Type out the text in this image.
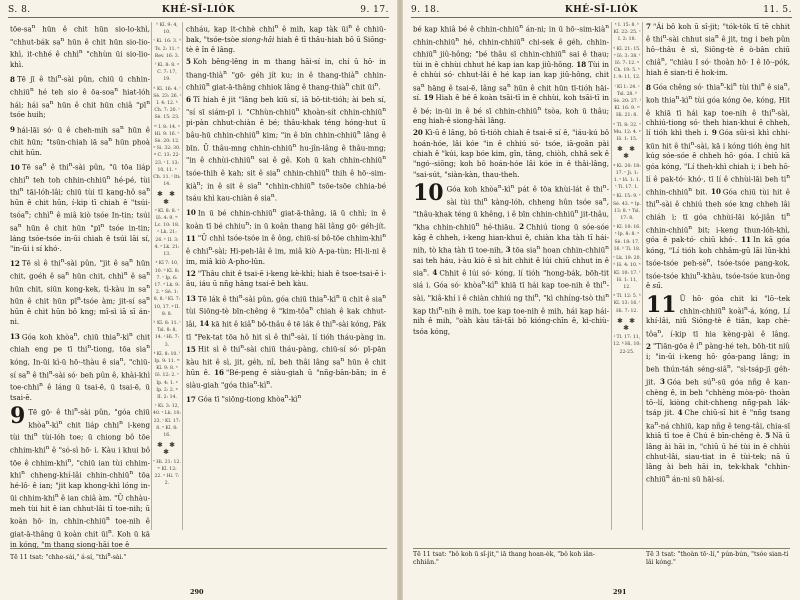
S. 8.	KHÉ-SĪ-LIÒK	9. 17.

tōe-$sa^n$ hūn ê chit hūn sio-lo-khì, "chhut-bák $sa^n$ hūn ê chit hūn sio-lio-khì, it-chhé ê chhì$^n$ "chhùn ūi sio-lio-khì.

8 Tē jī ê thi$^n$-sài pûn, chiū ū chhin-chhiū$^n$ hé teh sio ê ōa-soa$^n$ hiat-lóh hái; hái $sa^n$ hūn ê chit hūn chiâ "$pī^n$ tsóe huih;

9 hái-lāi só· ū ê cheh-mih $sa^n$ hūn ê chit hūn; "tsūn-chiah iā $sa^n$ hūn phoà chit hūn.

10 Tē $sa^n$ ê thi$^n$-sài pûn, "ū tōa liáp chhi$^n$ teh toh chhin-chhiū$^n$ hé-pé, tùi thi$^n$ tāi-lóh-lâi; chiū tùi tī kang-hô $sa^n$ hūn ê chit hūn, í-kip tī chiah ê "tsúi-tsóa$^n$; chhì$^n$ ê miâ kiò tsóe In-tin; tsúi $sa^n$ hūn ê chit hūn "$pī^n$ tsóe in-tin; láng tsóe-tsóe in-ūi chiah ê tsúi lāi sí, "in-ūi i sí khó·.

12 Tē sì ê thi$^n$-sài pûn, "jit ê $sa^n$ hūn chit, goéh ê $sa^n$ hūn chit, chhì$^n$ ê $sa^n$ hūn chit, siūn kong-kek, tì-kàu in $sa^n$ hūn ê chit hūn $pī^n$-tsóe àm; jit-sí $sa^n$ hūn ê chit hūn bô kng; mî-sì iā sī án-ni.

13 Góa koh khòa$^n$, chiū $thia^n-kì^n$ chit chiah eng pe tī thi$^n$-tiong, tōa sia$^n$ kóng, In-ūi kì-ū hō·-thàu ê sia$^n$, "chiū-sí $sa^n$ ê thi$^n$-sài só· beh pûn ê, khài-khì toe-chhi$^n$ ê láng ū tsai-ē, ū tsai-ē, ū tsai-ē.

9 Tē gō· ê thi$^n$-sài pûn, "góa chiū $khòa^n-kì^n$ chit liáp chhi$^n$ i-keng tùi thi$^n$ tùi-lóh toe; ū chiong bô tōe chhim-khi$^n$ ê "só-sì hō· i. Kàu i khui bô tōe ê chhim-khi$^n$, "chiū ian tùi chhim-khi$^n$ chheng-khí-lâi chhin-chhiū$^n$ tōa hé-lô· ê ian; "jit kap khong-khì lóng in-ūi chhim-khi$^n$ ê ian chiâ àm. "Ū chhàu-meh tùi hit ê ian chhut-lâi tī toe-nih; ū koàn hō· in, chhin-chhiū$^n$ toe-nih ê giat-ā-thâng ū koàn chit $ūi^n$. Koh ū kā in kóng, "m thang siong-hāi toe ê

ᵇ Kî. 9: 4, 10.
ᶜ Kì. 16: 3. ᵈ Ts. 2: 11. ᵉ Rev. 16: 3.
ᶠ Kì. 8: 8. ᵍ C. 7: 17, 19.
ʰ Kî. 16: 4. ⁱ Sè. 23: 26. ʲ I. 4: 12. ᵏ Ch. 7: 20. ˡ Sè. 15: 23.
ᵐ I. 8: 14. ⁿ Hì. 9: 16. ᵒ Sè. 20: 12. ᵖ Si. 32: 30. ᵠ C. 13: 22-23. ʳ I. 13: 10, 11. ˢ Ch. 11. ᵗ Iti: 14.
✱ ✱ ✱
ᵘ Kî. 8: 8. ᵛ Iô. 4: 9. ʷ Lc. 10: 18. ˣ Lk. 21: 26. ʸ II. 3: 4. ᶻ Lk. 21: 13.
ᵃ Kî 7: 10, 10. ᵇ Kî. 8: 7. ᶜ Ip. 6: 17. ᵈ Lk. 9: 2. ᵉ Sè. 1: 8, 8. ᶠ Kî. 7: 10, 17. ᵍ II. 8: 8.
ʰ Kî. 8: 11. ⁱ Tsl. 8: 8, 14. ʲ Hì. 7: 3.
ᵏ Kî. 8: 10. ˡ Ip. 9: 11. ᵐ Kî. 9: 8. ⁿ Iô. 12: 2. ᵒ Ip. 4: 1. ᵖ Ip. 2: 2. ᵠ II. 2: 14.
ʳ Kì. 3: 12, 40. ˢ Lk. 10: 23. ᵗ Kî. 17: 8. ᵘ Kî. 8: 16.
✱ ✱ ✱
ᵛ Hi. 21: 12. ʷ Kî. 12: 22. ˣ Hi. 7: 2.

chháu, kap it-chhè chhi$^n$ ê mih, kap tàk $ūi^n$ ê chhiū-bak, "tsóe-tsòe siong-hâi hiah ê tī thâu-hiah bô ū Siōng-tè ê în ê lâng.

5 Koh bêng-lêng in m thang hāi-sí in, chí ū hō· in thang-thià$^n$ "gō· géh jít ku; in ê thang-thià$^n$ chhin-chhiū$^n$ giat-ā-thâng chhiok lâng ê thang-thià$^n$ chit $ūi^n$.

6 Tī hiah ê jit "lâng beh kiû sí, iā bô-tit-tióh; ài beh sí, "sí sī siám-pī i. "Chhùn-chhiū$^n$ khoàn-sít chhin-chhiū$^n$ pi-pàn chhut-chiàn ê bé; thâu-khak téng hóng-hut ū bâu-hū chhin-chhiū$^n$ kim; "in ê bīn chhin-chhiū$^n$ lâng ê bīn. Ū thâu-mng chhin-chhiū$^n$ hu-jîn-lâng ê thâu-mng; "in ê chhùi-chhiū$^n$ sai ê gê. Koh ū kah chhin-chhiū$^n$ tsóe-thih ê kah; sit ê sia$^n$ chhin-chhiū$^n$ thih ê hō·-sim-kià$^n$; in ê sit ê sia$^n$ "chhin-chhiū$^n$ tsōe-tsōe chhia-bé tsáu khì kau-chiàn ê sia$^n$.

10 In ū bé chhin-chhiū$^n$ giat-ā-thâng, iā ū chhì; in ê koàn tī bé chhiu$^n$; in ū koân thang hāi lâng gō· géh-jít. 11 "Ū chhì tsóe-tsóe in ê ông, chiū-sí bô-tōe chhim-khi$^n$ ê chhi$^n$-sài; Hi-peh-lâi ê im, miâ kiò A-pa-tùn; Hi-li-ni ê im, miâ kiò A-pho-lûn.

12 "Thâu chit ê tsai-ē i-keng kè-khì; hiah ê tsoe-tsai-ē ì-āu, iáu ū nñg hāng tsai-ē beh kàu.

13 Tē lák ê thi$^n$-sài pûn, góa chiū $thia^n-kì^n$ ū chit ê sia$^n$ tùi Siōng-tè bīn-chêng ê "kim-tôa$^n$ chiah ê kak chhut-lâi, 14 kā hit ê kiâ$^n$ bô-thâu ê tē lák ê thi$^n$-sài kóng, Pák tī "Pek-tat tōa hô hit sì ê thi$^n$-sài, lí tióh tháu-pàng in. 15 Hit sì ê thi$^n$-sài chiū tháu-pàng, chiū-sí só· pī-pān kàu hit ê sì, jit, géh, nî, beh thâi lâng $sa^n$ hūn ê chit hūn ê. 16 "Bé-peng ê siàu-giah ū "nñg-bān-bān; in ê siàu-giah "góa $thia^n-kì^n$.

17 Góa tī "siōng-tiong $khòa^n-kì^n$

Tē 11 tsat: "chhe-sái," á-sí, "thi$^n$-sài."
290
9. 18.	KHÉ-SĪ-LIÒK	11. 5.

bé kap khiâ bé ê chhin-chhiū$^n$ án-ni; in ū hō·-sim-kià$^n$ chhin-chhiū$^n$ hé, chhin-chhiū$^n$ chi-sek ê géh, chhin-chhiū$^n$ jiû-hông; "bé thâu sī chhin-chhiū$^n$ sai ê thau; tùi in ê chhùi chhut hé kap ian kap jiû-hông. 18 Tùi in ê chhùi só· chhut-lâi ê hé kap ian kap jiû-hông, chit $sa^n$ hāng ê tsai-ē, lâng $sa^n$ hūn ê chit hūn tī-tióh hāi-sí. 19 Hiah ê bé ê koàn tsāi-tī in ê chhùi, koh tsāi-tī in ê bé; in-ūi in ê bé sī chhin-chhiū$^n$ tsòa, koh ū thâu; eng hiah-ê siong-hāi lâng.

20 Kì-ū ê lâng, bô tī-tióh chiah ê tsai-ē sí ê, "iáu-kú bô hoán-hóe, lâi kóe "in ê chhiú só· tsóe, iā-goân pài chiah ê "kúi, kap bóe kim, gîn, tâng, chiòh, chhâ sek ê "ngó·-siōng; koh bô hoán-hóe lâi kóe in ê thâi-lâng, "sai-sút, "siàn-kàn, thau-theh.

10 Góa koh $khòa^n-kì^n$ pát ê tōa khùi-lát ê thi$^n$-sài tùi thi$^n$ kàng-lóh, chheng hûn tsóe $sa^n$, "thâu-khak téng ū khêng, i ê bīn chhin-chhiū$^n$ jit-thâu, "kha chhin-chhiū$^n$ hé-thiāu. 2 Chhiú tiong ū sóe-sóe kāg ê chheh, i-keng hian-khui ê, chiàn kha tàh tī hái-nih, tò kha tàh tī toe-nih, 3 tōa sia$^n$ hoan chhin-chhiū$^n$ sai teh háu, i-àu kiò ê sì hit chhit ê lúi chiū chhut in ê sia$^n$. 4 Chhit ê lúi só· kóng, lí tióh "hong-bák, böh-tit siá i. Góa só· $khòa^n-kì^n$ khiā tī hái kap toe-nih ê thi$^n$-sài, "kiâ-khí i ê chiàn chhiú ng thi$^n$, "kì chhíng-tsò thi$^n$ kap thi$^n$-nih ê mih, toe kap toe-nih ê mih, hái kap hái-nih ê mih, "oàh kàu tāi-tāi bô kióng-chīn ê, kì-chiù-tsóa kóng,

ᵃ I. 15: 8. ᵇ Kî. 22: 25. ᶜ I. 2: 18.
ᵈ Kî. 21: 15. ᵉ Iô. 3: 38. ᶠ Iô. 7: 12. ᵍ Ch. 19: 5. ʰ I. 9: 11, 12.
ⁱ Kî 1: 24. ʲ Tsl. 28. ᵏ Sè. 20: 27. ˡ Kî. 16: 9. ᵐ Hi. 21: 8.
ⁿ Tl. 8: 32. ᵒ Mu. 12: 4. ᵖ Iô. 1: 15.
✱ ✱ ✱
ᵠ Kì. 20: 18: 17. ʳ Ji. 1: 1. ˢ Iô. 1: 1. ᵗ Ti. 17. 1.
ᵘ Kì. 15: 9. ᵛ Sè. 43. ʷ Ip. 13: 8. ˣ Tsl. 17: 8.
ʸ Kî. 10: 16. ᶻ Ip. 8: 8. ᵃ Sè. 18: 17, 16. ᵇ Ti. 18.
ᶜ Lk. 19: 20. ᵈ Iô. 4: 10. ᵉ Kî. 10: 17. ᶠ Iô. 1: 11, 12.
ᵍ Tl. 12: 5. ʰ Kî. 13: 16. ⁱ Hi. 7: 12.
✱ ✱ ✱
ʲ Tl. 17: 11, 12. ᵏ Hi. 10: 22-25.

7 "Ái bô koh ū sî-jit; "tók-tók tī tē chhit ê thi$^n$-sài chhut sia$^n$ ê jit, tng i beh pûn hō·-thâu ê sì, Siōng-tè ê ò-bân chiū chiâ$^n$, "chiàu I só· thoàn hō· I ê lō·-pók, hiah ê sian-ti ê hok-im.

8 Góa chêng só· $thia^n-kì^n$ tùi thi$^n$ ê sia$^n$, koh $thia^n-kì^n$ tùi góa kóng ōe, kóng, Hit ê khiā tī hái kap toe-nih ê thi$^n$-sài, chhiú-tiong só· theh hian-khui ê chheh, lí tióh khì theh i. 9 Góa sûi-sì khì chhi-kūn hit ê thi$^n$-sài, kā i kóng tióh èng hit kúg sóe-sóe ê chheh hō· góa. I chiū kā góa kóng, "Lí theh-khì chiah i; i beh hō· lí ê pak-tó· khó·, tī lí ê chhùi-lāi beh $ti^n$ chhin-chhiū$^n$ bit. 10 Góa chiū tùi hit ê thi$^n$-sài ê chhiú theh sóe kng chheh lâi chiáh i; tī góa chhùi-lāi kó-jiân $ti^n$ chhin-chhiū$^n$ bit; i-keng thun-lóh-khì, góa ê pak-tó· chiū khó·. 11 In kā góa kóng, "Lí tióh koh chhâm-gū lāi lūn-khì tsóe-tsóe peh-$sè^n$, tsóe-tsóe pang-kok, tsóe-tsóe khiu$^n$-khàu, tsóe-tsóe kun-ông ê sū.

11 Ū hō· góa chit ki "lō·-tek chhin-chhiū$^n$ koài$^n$-á, kóng, Lí khí-lâi, niû Siōng-tè ê tiān, kap chè-tôa$^n$, í-kip tī hia kèng-pài ê lâng. 2 "Tiān-gōa ê $i^n$ pàng-hé teh, böh-tit niû i; "in-ūi i-keng hō· gōa-pang lâng; in beh thún-táh séng-siâ$^n$, "sì-tsáp-jī géh-jit. 3 Góa beh $sú^n-sū$ góa nñg ê kan-chèng ê, in beh "chhèng mòa-pò· thoàn tō·-lí, kiòng chit-chheng nñg-pah lák-tsáp jit. 4 Che chiū-sī hit ê "nñg tsang $ka^n-ná$ chhiū, kap nñg ê teng-tâi, chia-sī khiā tī toe ê Chú ê bīn-chêng ê. 5 Nā ū lâng ài hāi in, "chiū ū hé tùi in ê chhùi chhut-lâi, siau-tiat in ê tùi-tek; nā ū lâng ài beh hāi in, tek-khak "chhin-chhiū$^n$ án-ni sū hāi-sí.

Tē 11 tsat: "bô koh ū sî-jit," iā thang hoan-èk, "bô koh iân-chhiân."
Tē 3 tsat: "thoàn tō·-lí," pún-bún, "tsóe sian-ti lâi kóng."
291
